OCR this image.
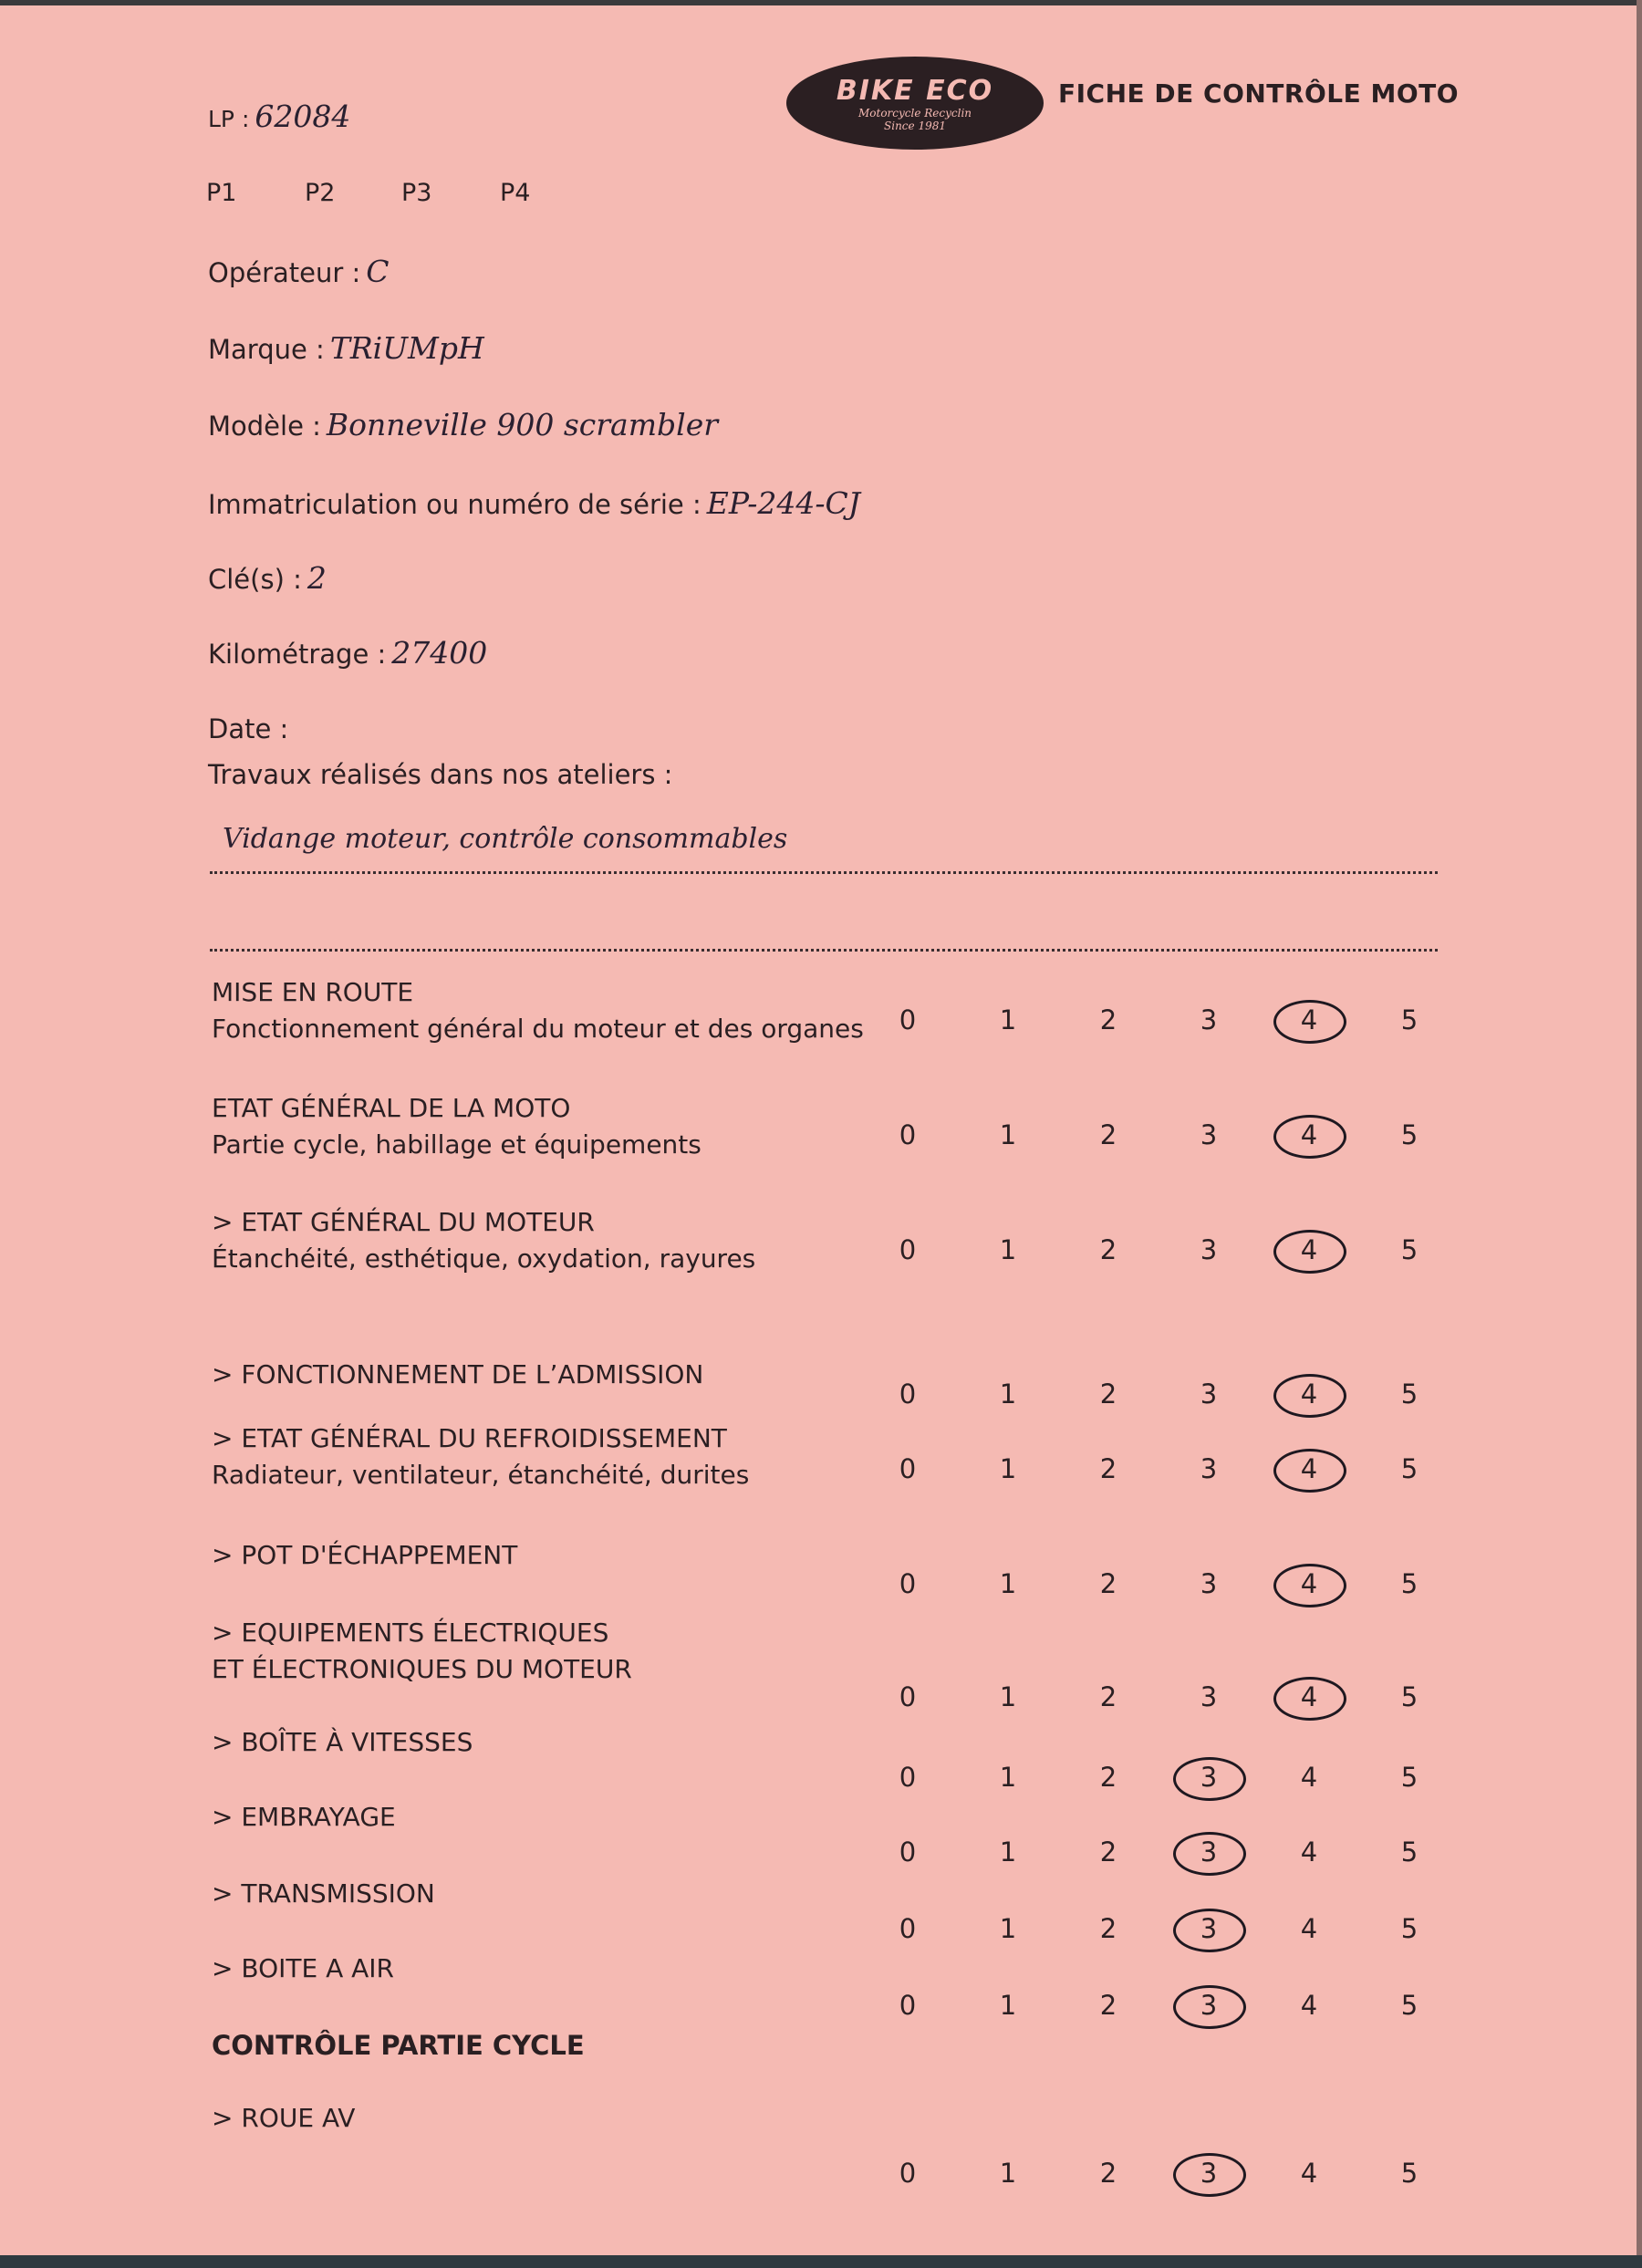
BIKE ECO
Motorcycle Recyclin
Since 1981
FICHE DE CONTRÔLE MOTO
LP : 62084
P1	P2	P3	P4
Opérateur : C
Marque : TRiUMpH
Modèle : Bonneville 900 scrambler
Immatriculation ou numéro de série : EP-244-CJ
Clé(s) : 2
Kilométrage : 27400
Date :
Travaux réalisés dans nos ateliers :
Vidange moteur, contrôle consommables
MISE EN ROUTE
Fonctionnement général du moteur et des organes	0	1	2	3	4	5
ETAT GÉNÉRAL DE LA MOTO
Partie cycle, habillage et équipements	0	1	2	3	4	5
> ETAT GÉNÉRAL DU MOTEUR
Étanchéité, esthétique, oxydation, rayures	0	1	2	3	4	5
> FONCTIONNEMENT DE L’ADMISSION
0	1	2	3	4	5
> ETAT GÉNÉRAL DU REFROIDISSEMENT
Radiateur, ventilateur, étanchéité, durites	0	1	2	3	4	5
> POT D'ÉCHAPPEMENT
0	1	2	3	4	5
> EQUIPEMENTS ÉLECTRIQUES
ET ÉLECTRONIQUES DU MOTEUR
0	1	2	3	4	5
> BOÎTE À VITESSES
0	1	2	3	4	5
> EMBRAYAGE
0	1	2	3	4	5
> TRANSMISSION
0	1	2	3	4	5
> BOITE A AIR
0	1	2	3	4	5
> ROUE AV
0	1	2	3	4	5
CONTRÔLE PARTIE CYCLE
